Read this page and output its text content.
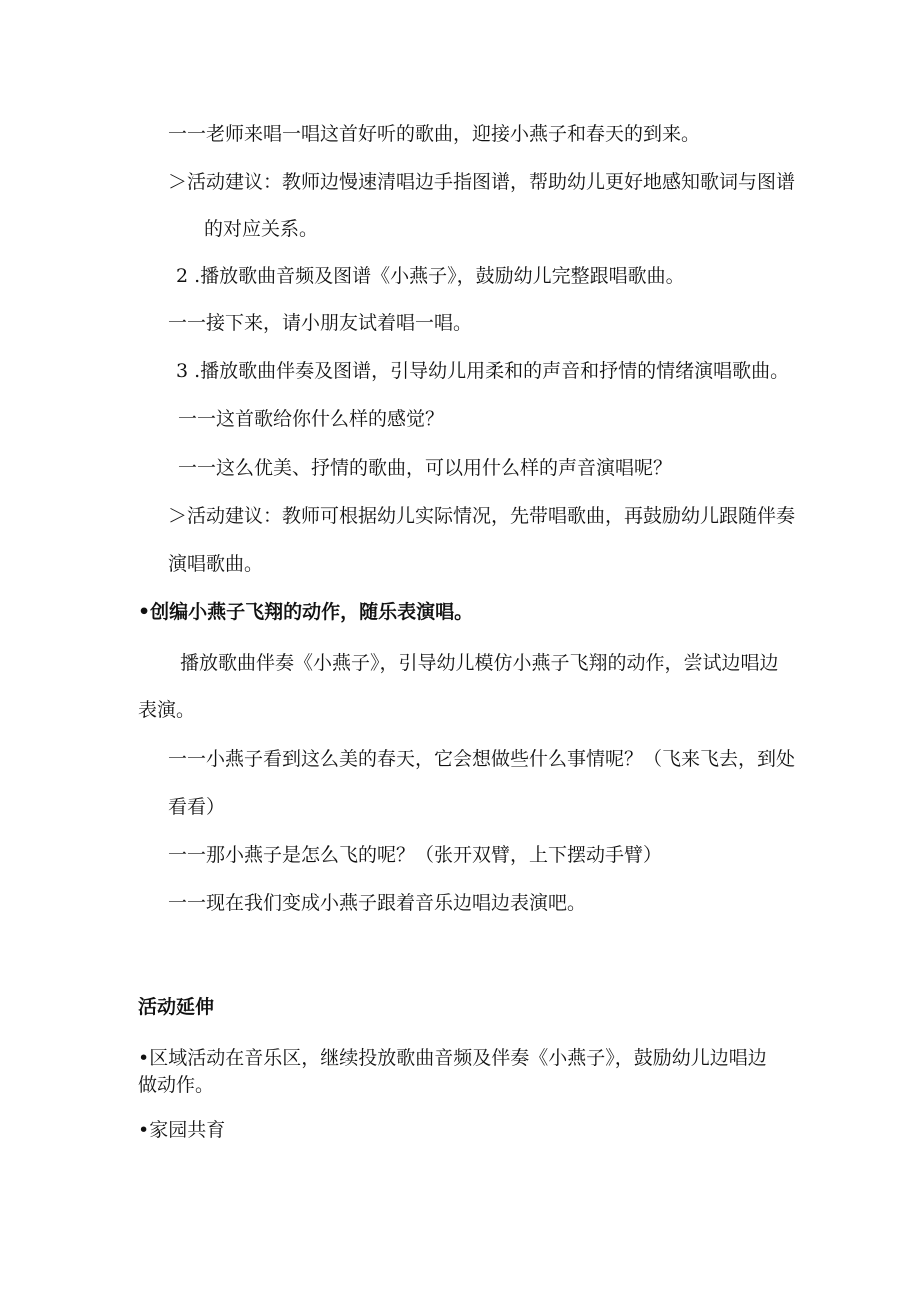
一一老师来唱一唱这首好听的歌曲，迎接小燕子和春天的到来。
＞活动建议：教师边慢速清唱边手指图谱，帮助幼儿更好地感知歌词与图谱
的对应关系。
2 .播放歌曲音频及图谱《小燕子》，鼓励幼儿完整跟唱歌曲。
一一接下来，请小朋友试着唱一唱。
3 .播放歌曲伴奏及图谱，引导幼儿用柔和的声音和抒情的情绪演唱歌曲。
一一这首歌给你什么样的感觉？
一一这么优美、抒情的歌曲，可以用什么样的声音演唱呢？
＞活动建议：教师可根据幼儿实际情况，先带唱歌曲，再鼓励幼儿跟随伴奏
演唱歌曲。
•创编小燕子飞翔的动作，随乐表演唱。
播放歌曲伴奏《小燕子》，引导幼儿模仿小燕子飞翔的动作，尝试边唱边
表演。
一一小燕子看到这么美的春天，它会想做些什么事情呢？（飞来飞去，到处
看看）
一一那小燕子是怎么飞的呢？（张开双臂，上下摆动手臂）
一一现在我们变成小燕子跟着音乐边唱边表演吧。
活动延伸
•区域活动在音乐区，继续投放歌曲音频及伴奏《小燕子》，鼓励幼儿边唱边
做动作。
•家园共育
